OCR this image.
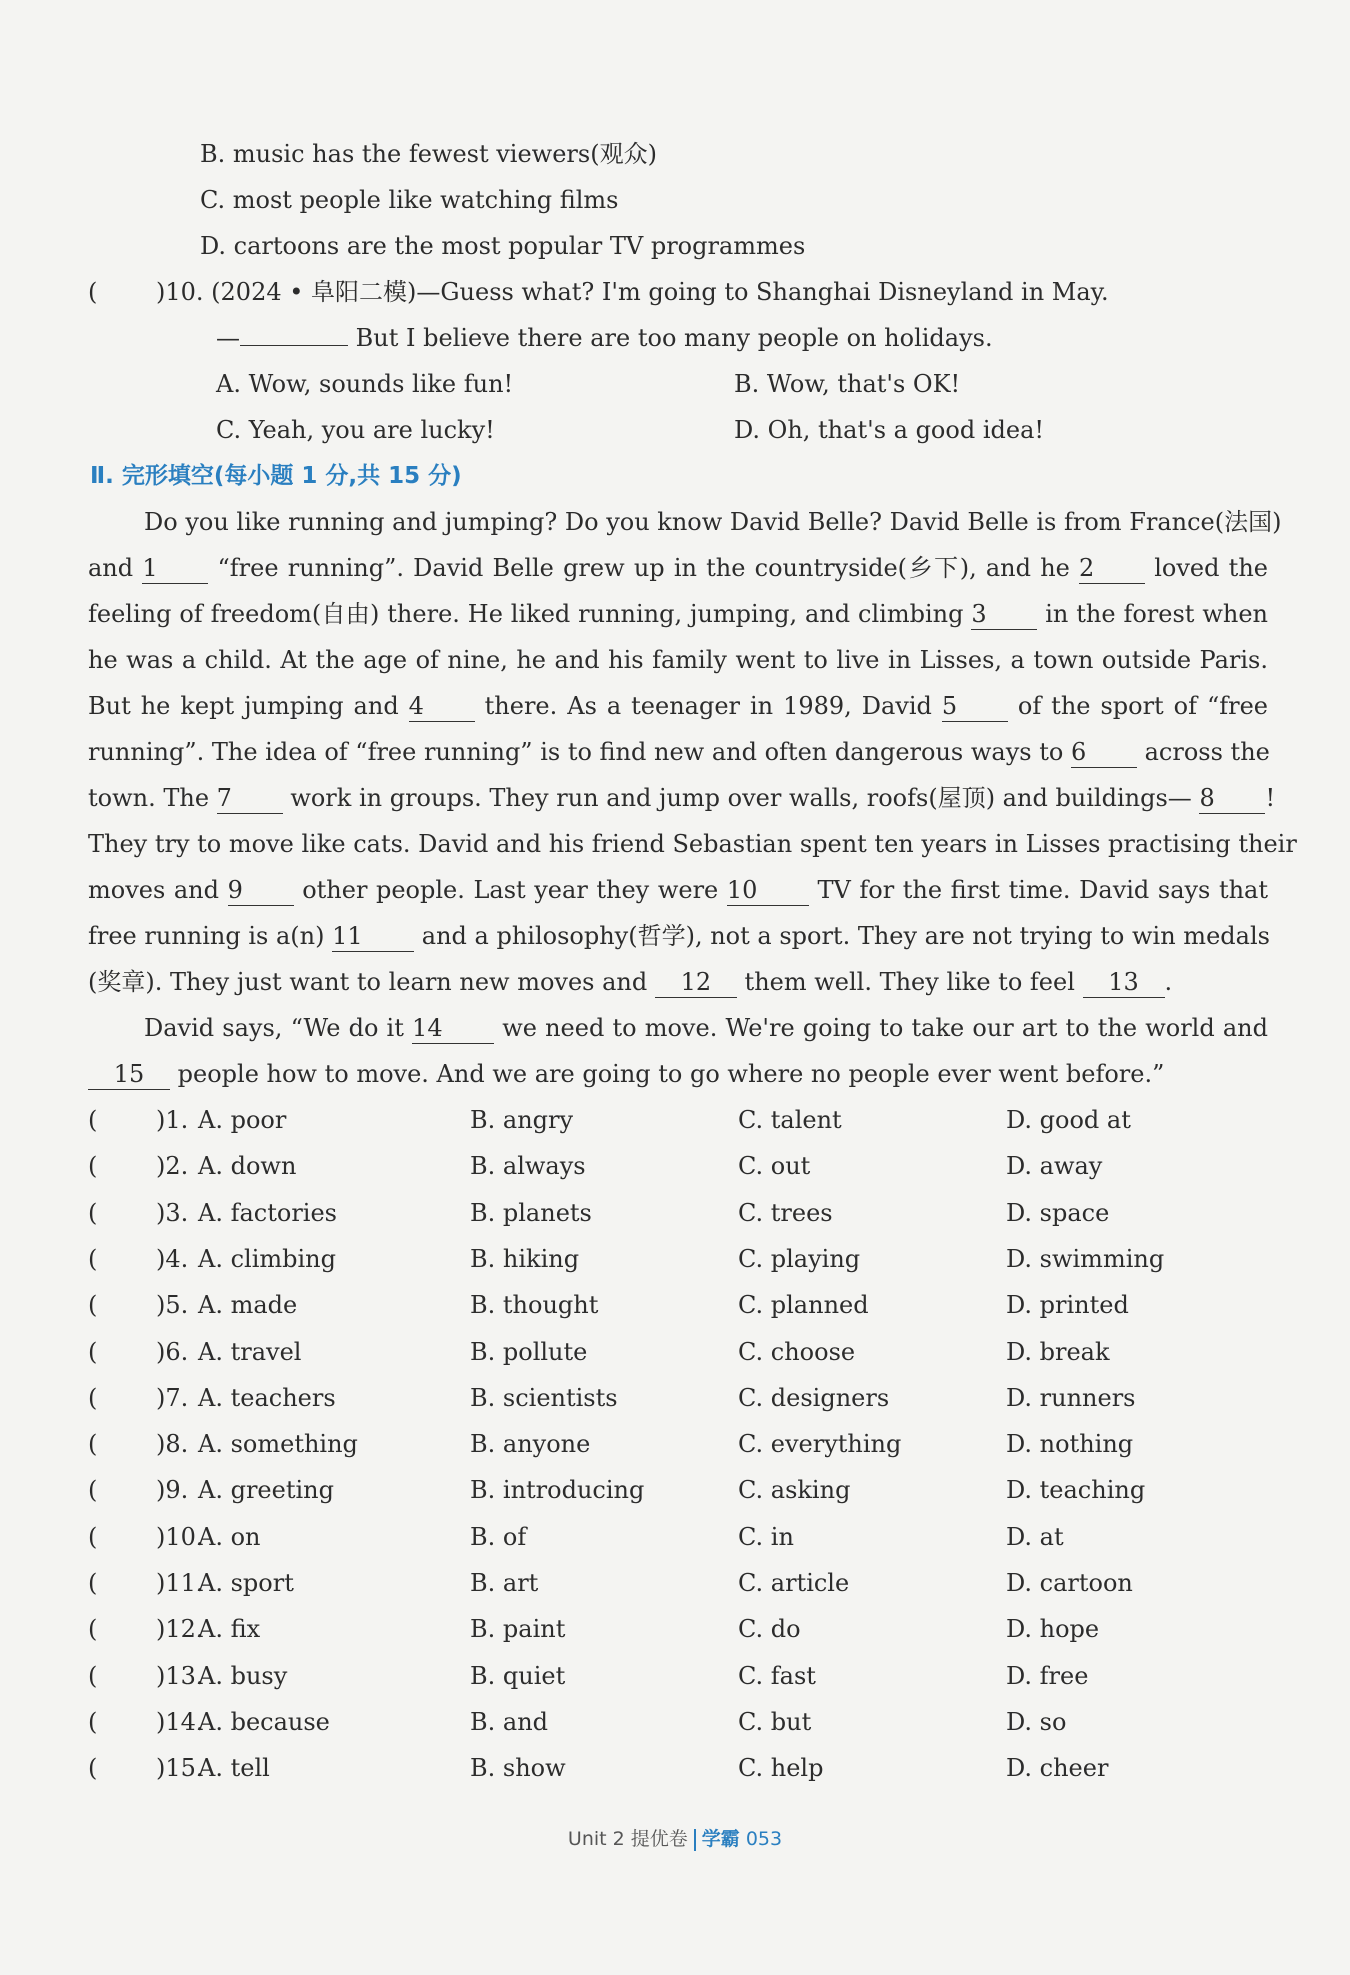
B. music has the fewest viewers(观众)
C. most people like watching films
D. cartoons are the most popular TV programmes
( )10. (2024 • 阜阳二模)—Guess what? I'm going to Shanghai Disneyland in May.
—	But I believe there are too many people on holidays.
A. Wow, sounds like fun!	B. Wow, that's OK!
C. Yeah, you are lucky!	D. Oh, that's a good idea!
Ⅱ. 完形填空(每小题 1 分,共 15 分)
Do you like running and jumping? Do you know David Belle? David Belle is from France(法国)
and 1 “free running”. David Belle grew up in the countryside(乡下), and he 2 loved the
feeling of freedom(自由) there. He liked running, jumping, and climbing 3 in the forest when
he was a child. At the age of nine, he and his family went to live in Lisses, a town outside Paris.
But he kept jumping and 4	there. As a teenager in 1989, David 5	of the sport of “free
running”. The idea of “free running” is to find new and often dangerous ways to 6 across the
town. The 7 work in groups. They run and jump over walls, roofs(屋顶) and buildings— 8 !
They try to move like cats. David and his friend Sebastian spent ten years in Lisses practising their
moves and 9 other people. Last year they were 10	TV for the first time. David says that
free running is a(n) 11 and a philosophy(哲学), not a sport. They are not trying to win medals
(奖章). They just want to learn new moves and 12 them well. They like to feel 13 .
David says, “We do it 14 we need to move. We're going to take our art to the world and
15 people how to move. And we are going to go where no people ever went before.”
( )1. A. poor	B. angry	C. talent	D. good at
( )2. A. down	B. always	C. out	D. away
( )3. A. factories	B. planets	C. trees	D. space
( )4. A. climbing	B. hiking	C. playing	D. swimming
( )5. A. made	B. thought	C. planned	D. printed
( )6. A. travel	B. pollute	C. choose	D. break
( )7. A. teachers	B. scientists	C. designers	D. runners
( )8. A. something	B. anyone	C. everything	D. nothing
( )9. A. greeting	B. introducing	C. asking	D. teaching
( )10.
A. on	B. of	C. in	D. at
( )11.
A. sport	B. art	C. article	D. cartoon
( )12.
A. fix	B. paint	C. do	D. hope
( )13.
A. busy	B. quiet	C. fast	D. free
( )14.
A. because	B. and	C. but	D. so
( )15.
A. tell	B. show	C. help	D. cheer
Unit 2 提优卷 学霸 053
